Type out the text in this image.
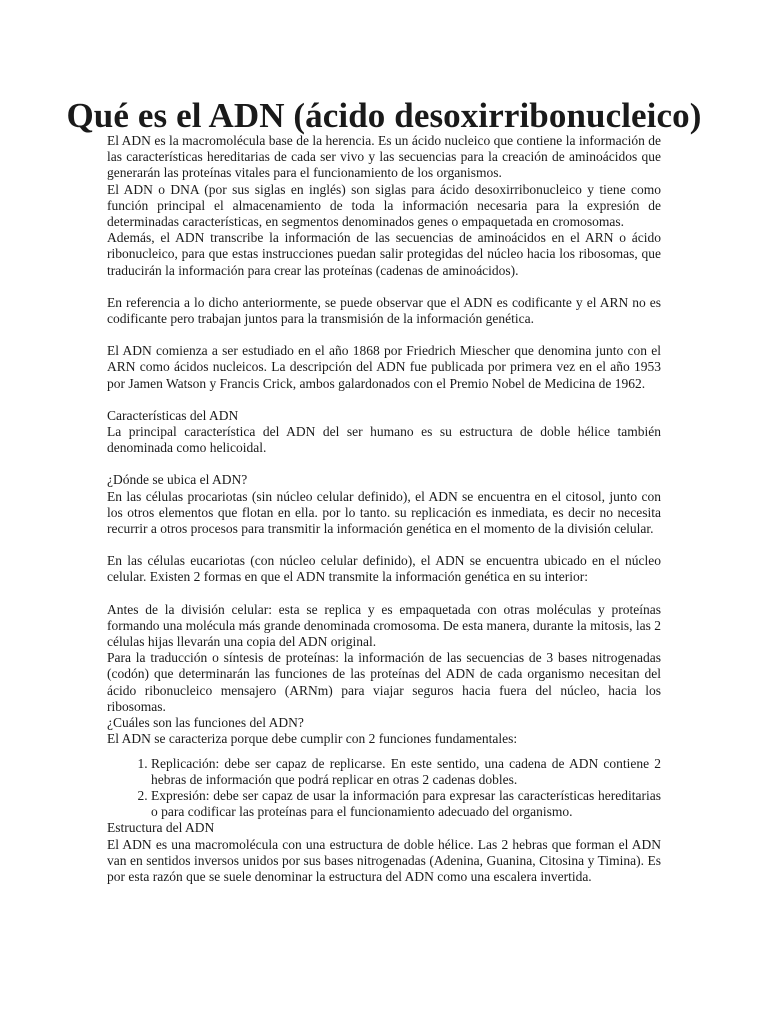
Qué es el ADN (ácido desoxirribonucleico)

El ADN es la macromolécula base de la herencia. Es un ácido nucleico que contiene la información de las características hereditarias de cada ser vivo y las secuencias para la creación de aminoácidos que generarán las proteínas vitales para el funcionamiento de los organismos.

El ADN o DNA (por sus siglas en inglés) son siglas para ácido desoxirribonucleico y tiene como función principal el almacenamiento de toda la información necesaria para la expresión de determinadas características, en segmentos denominados genes o empaquetada en cromosomas.

Además, el ADN transcribe la información de las secuencias de aminoácidos en el ARN o ácido ribonucleico, para que estas instrucciones puedan salir protegidas del núcleo hacia los ribosomas, que traducirán la información para crear las proteínas (cadenas de aminoácidos).

En referencia a lo dicho anteriormente, se puede observar que el ADN es codificante y el ARN no es codificante pero trabajan juntos para la transmisión de la información genética.

El ADN comienza a ser estudiado en el año 1868 por Friedrich Miescher que denomina junto con el ARN como ácidos nucleicos. La descripción del ADN fue publicada por primera vez en el año 1953 por Jamen Watson y Francis Crick, ambos galardonados con el Premio Nobel de Medicina de 1962.

Características del ADN

La principal característica del ADN del ser humano es su estructura de doble hélice también denominada como helicoidal.

¿Dónde se ubica el ADN?

En las células procariotas (sin núcleo celular definido), el ADN se encuentra en el citosol, junto con los otros elementos que flotan en ella. por lo tanto. su replicación es inmediata, es decir no necesita recurrir a otros procesos para transmitir la información genética en el momento de la división celular.

En las células eucariotas (con núcleo celular definido), el ADN se encuentra ubicado en el núcleo celular. Existen 2 formas en que el ADN transmite la información genética en su interior:

Antes de la división celular: esta se replica y es empaquetada con otras moléculas y proteínas formando una molécula más grande denominada cromosoma. De esta manera, durante la mitosis, las 2 células hijas llevarán una copia del ADN original.

Para la traducción o síntesis de proteínas: la información de las secuencias de 3 bases nitrogenadas (codón) que determinarán las funciones de las proteínas del ADN de cada organismo necesitan del ácido ribonucleico mensajero (ARNm) para viajar seguros hacia fuera del núcleo, hacia los ribosomas.

¿Cuáles son las funciones del ADN?

El ADN se caracteriza porque debe cumplir con 2 funciones fundamentales:

1. Replicación: debe ser capaz de replicarse. En este sentido, una cadena de ADN contiene 2 hebras de información que podrá replicar en otras 2 cadenas dobles.
2. Expresión: debe ser capaz de usar la información para expresar las características hereditarias o para codificar las proteínas para el funcionamiento adecuado del organismo.

Estructura del ADN

El ADN es una macromolécula con una estructura de doble hélice. Las 2 hebras que forman el ADN van en sentidos inversos unidos por sus bases nitrogenadas (Adenina, Guanina, Citosina y Timina). Es por esta razón que se suele denominar la estructura del ADN como una escalera invertida.
